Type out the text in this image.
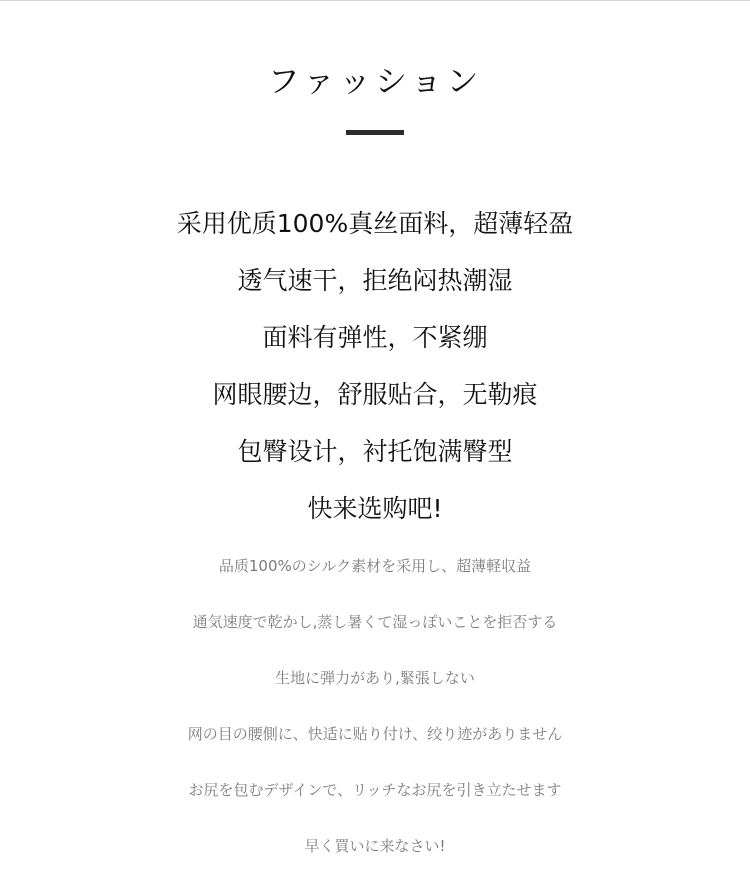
ファッション
采用优质100%真丝面料，超薄轻盈
透气速干，拒绝闷热潮湿
面料有弹性，不紧绷
网眼腰边，舒服贴合，无勒痕
包臀设计，衬托饱满臀型
快来选购吧!
品质100%のシルク素材を采用し、超薄軽収益
通気速度で乾かし,蒸し暑くて湿っぽいことを拒否する
生地に弾力があり,緊張しない
网の目の腰側に、快适に贴り付け、绞り迹がありません
お尻を包むデザインで、リッチなお尻を引き立たせます
早く買いに来なさい!
